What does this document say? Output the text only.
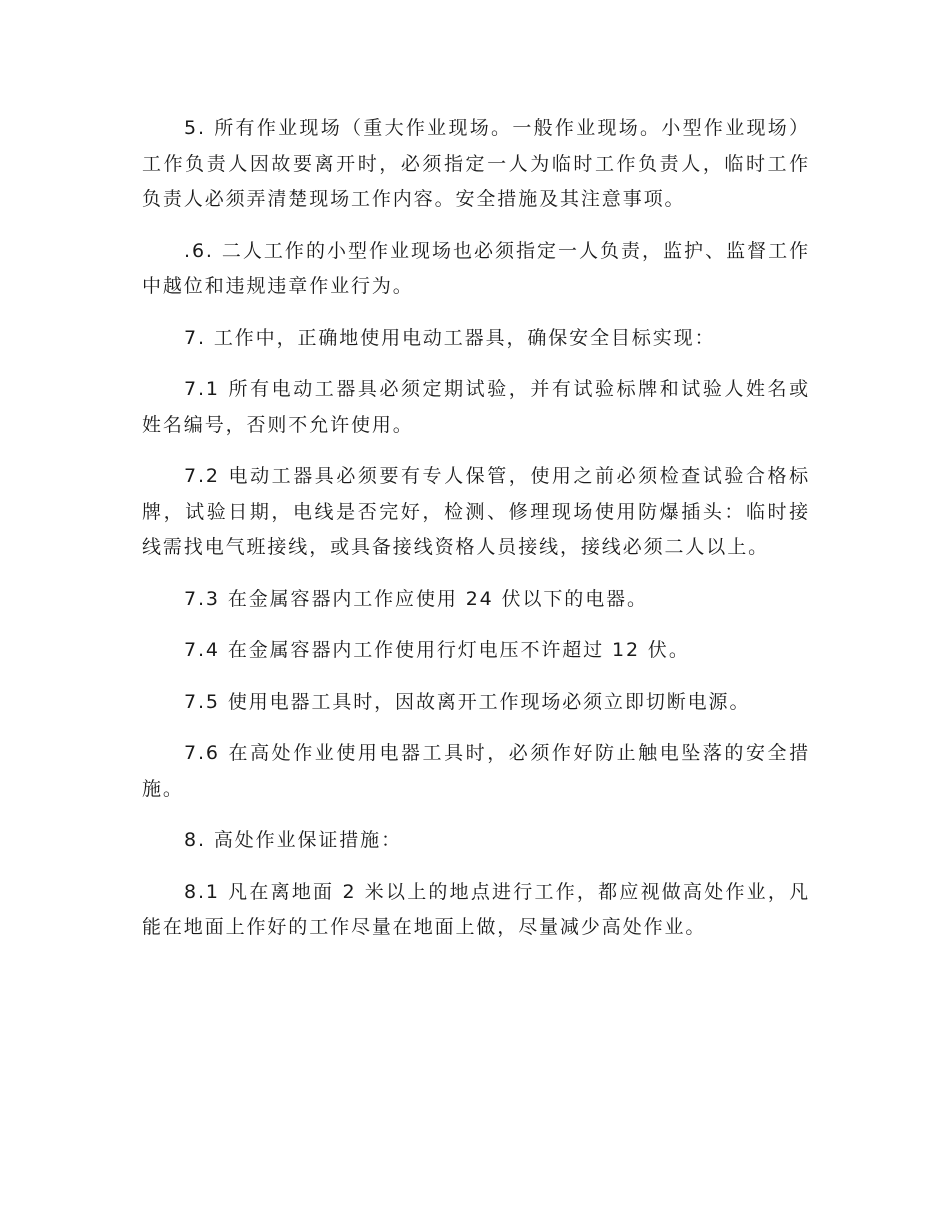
5. 所有作业现场（重大作业现场。一般作业现场。小型作业现场）工作负责人因故要离开时，必须指定一人为临时工作负责人，临时工作负责人必须弄清楚现场工作内容。安全措施及其注意事项。

.6. 二人工作的小型作业现场也必须指定一人负责，监护、监督工作中越位和违规违章作业行为。

7. 工作中，正确地使用电动工器具，确保安全目标实现：

7.1 所有电动工器具必须定期试验，并有试验标牌和试验人姓名或姓名编号，否则不允许使用。

7.2 电动工器具必须要有专人保管，使用之前必须检查试验合格标牌，试验日期，电线是否完好，检测、修理现场使用防爆插头：临时接线需找电气班接线，或具备接线资格人员接线，接线必须二人以上。

7.3 在金属容器内工作应使用 24 伏以下的电器。

7.4 在金属容器内工作使用行灯电压不许超过 12 伏。

7.5 使用电器工具时，因故离开工作现场必须立即切断电源。

7.6 在高处作业使用电器工具时，必须作好防止触电坠落的安全措施。

8. 高处作业保证措施：

8.1 凡在离地面 2 米以上的地点进行工作，都应视做高处作业，凡能在地面上作好的工作尽量在地面上做，尽量减少高处作业。
